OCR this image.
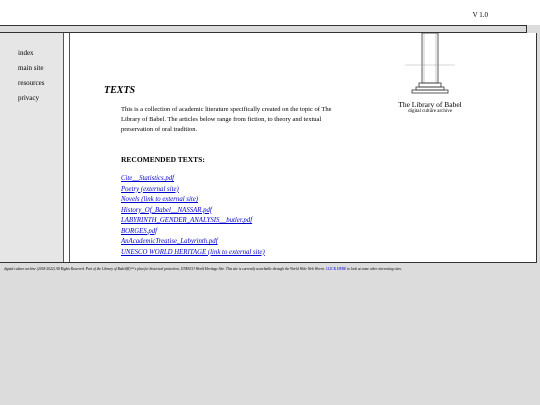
V 1.0
index
main site
resources
privacy
The Library of Babel
digital culture archive
TEXTS
This is a collection of academic literature specifically created on the topic of The Library of Babel. The articles below range from fiction, to theory and textual preservation of oral tradition.
RECOMENDED TEXTS:
Cite__Statistics.pdf
Poetry (external site)
Novels (link to external site)
History_Of_Babel__NASSAR.pdf
LABYRINTH_GENDER_ANALYSIS__butler.pdf
BORGES.pdf
AnAcademicTreatise_Labyrinth.pdf
UNESCO WORLD HERITAGE (link to external site)
digital culture archive (2018-2022) All Rights Reserved. Part of the Library of Babel(R)™'s plan for historical protection, UNESCO World Heritage Site. This site is currently searchable through the World Wide Web Wovrn. CLICK HERE to look at some other interesting sites.
